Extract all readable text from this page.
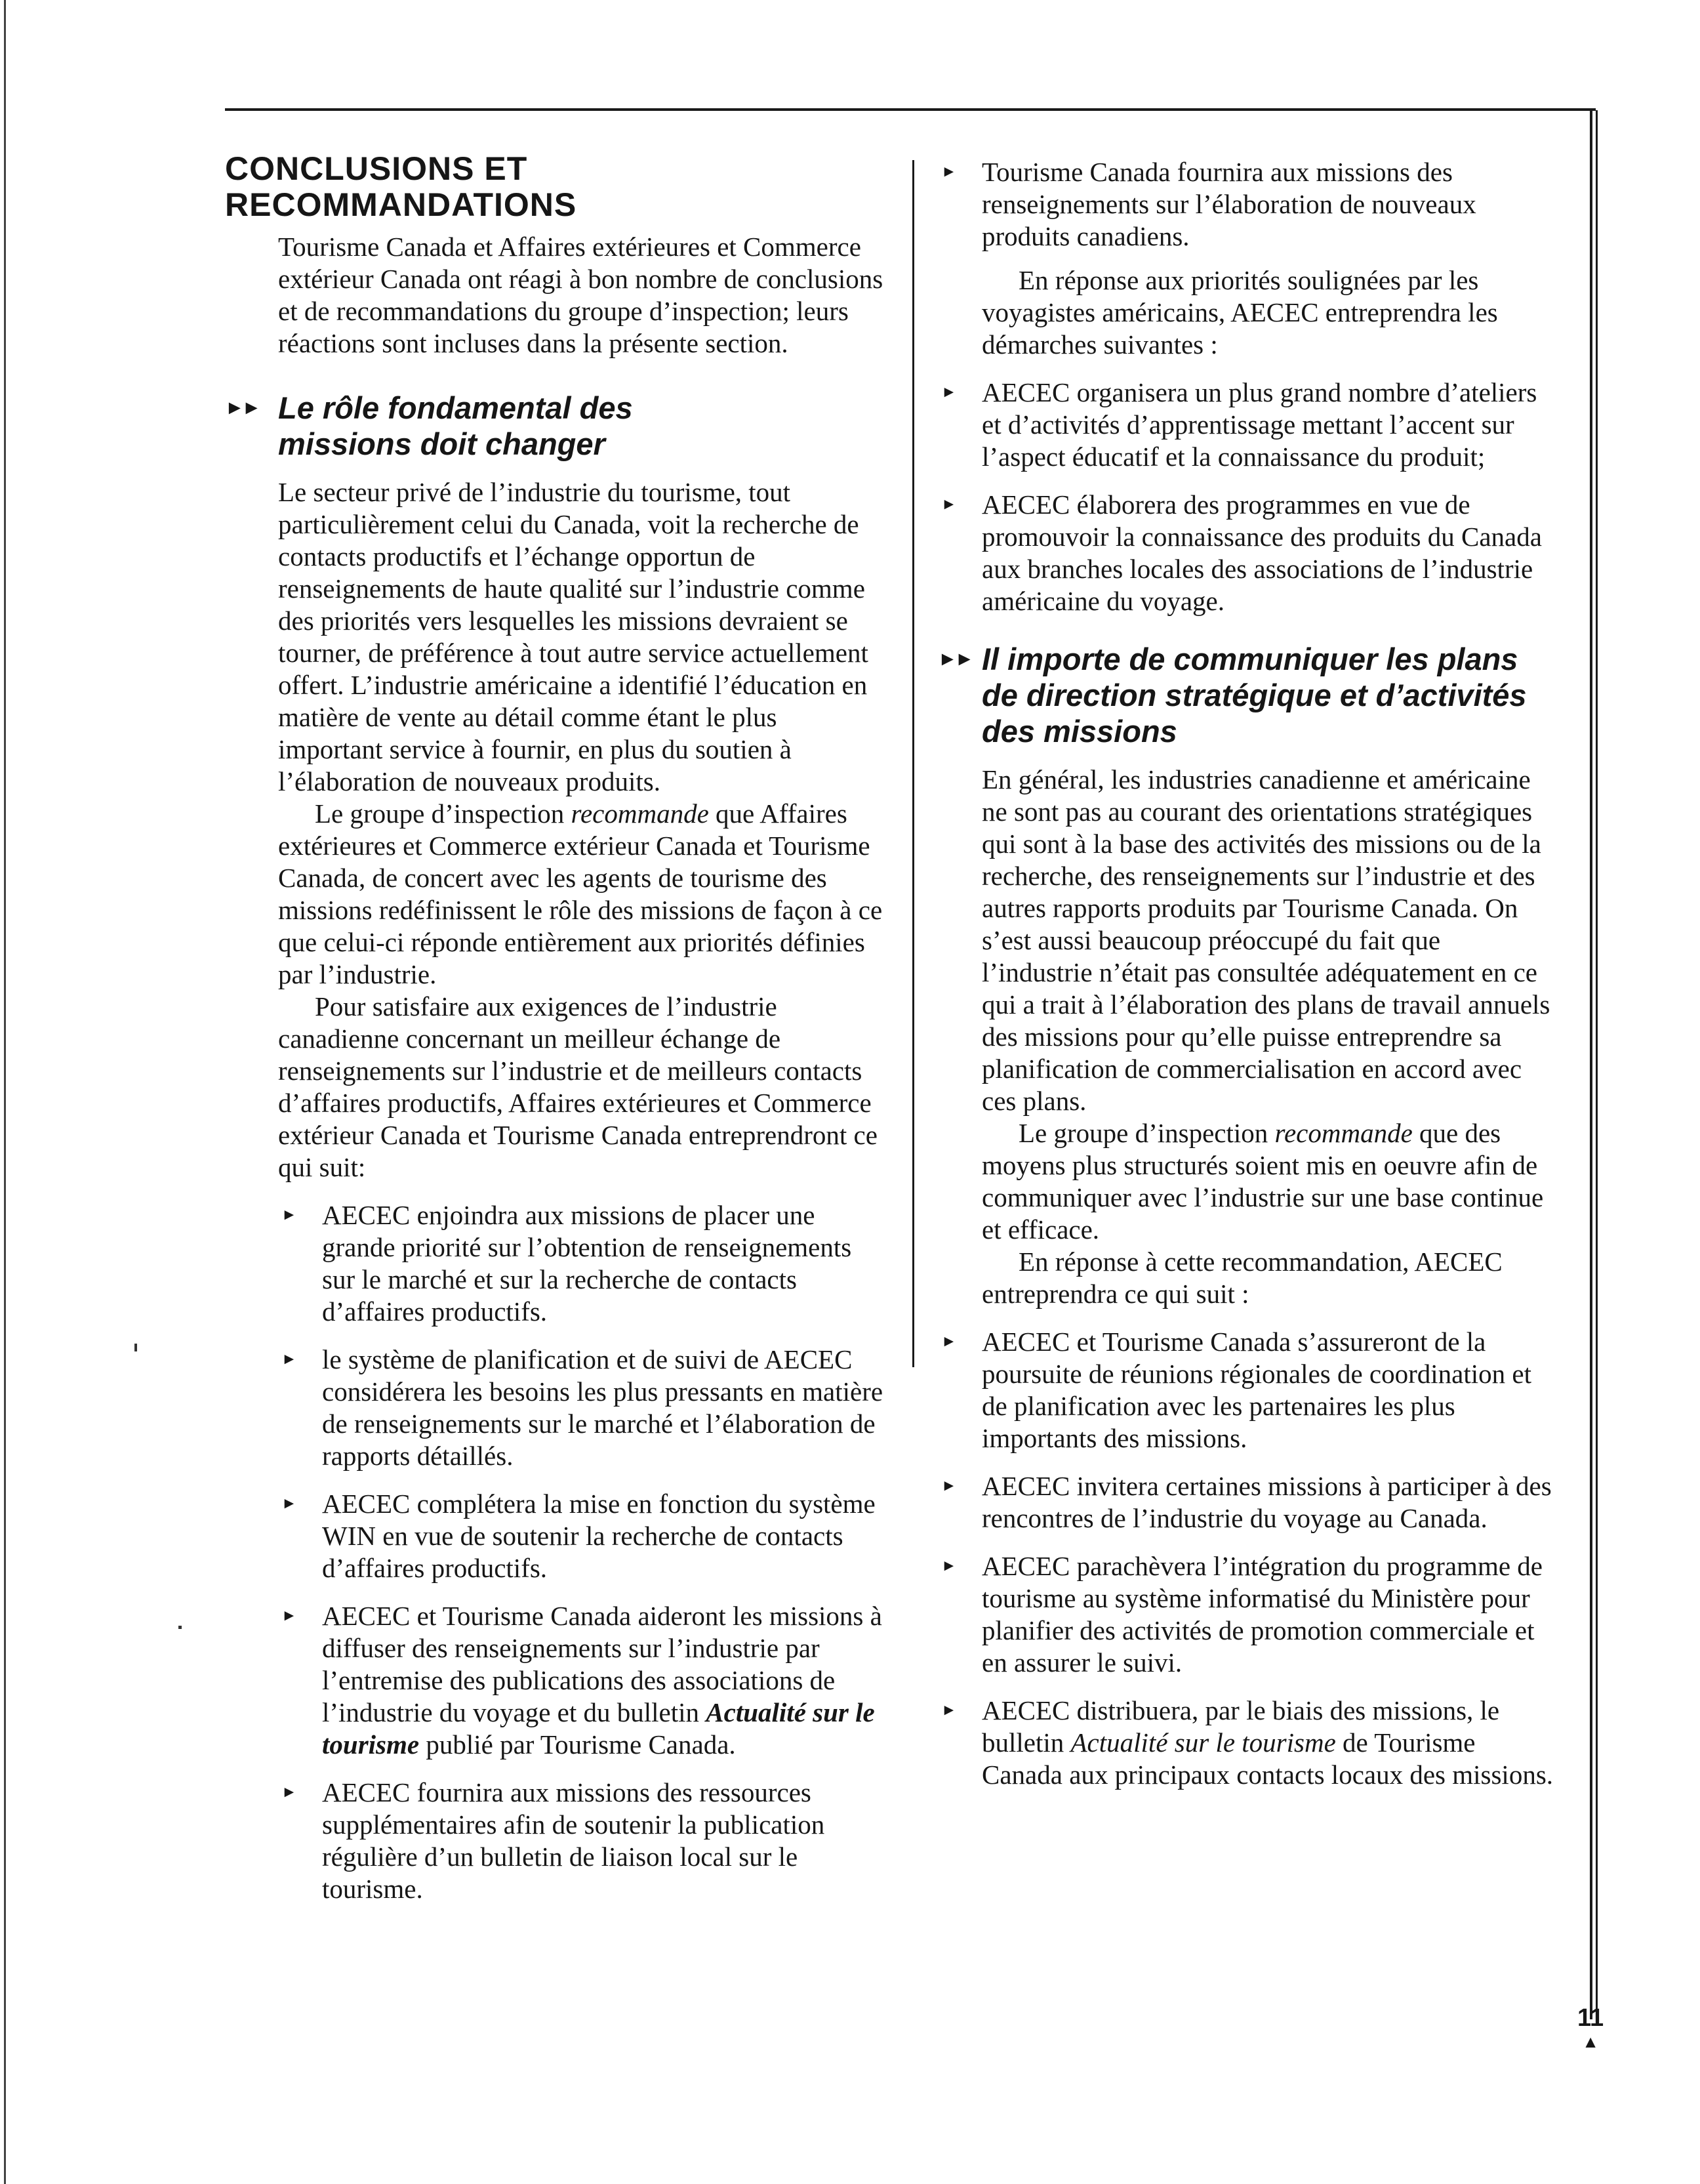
CONCLUSIONS ET RECOMMANDATIONS

Tourisme Canada et Affaires extérieures et Commerce extérieur Canada ont réagi à bon nombre de conclusions et de recommandations du groupe d’inspection; leurs réactions sont incluses dans la présente section.

►► Le rôle fondamental des
missions doit changer

Le secteur privé de l’industrie du tourisme, tout particulièrement celui du Canada, voit la recherche de contacts productifs et l’échange opportun de renseignements de haute qualité sur l’industrie comme des priorités vers lesquelles les missions devraient se tourner, de préférence à tout autre service actuellement offert. L’industrie américaine a identifié l’éducation en matière de vente au détail comme étant le plus important service à fournir, en plus du soutien à l’élaboration de nouveaux produits.

Le groupe d’inspection recommande que Affaires extérieures et Commerce extérieur Canada et Tourisme Canada, de concert avec les agents de tourisme des missions redéfinissent le rôle des missions de façon à ce que celui-ci réponde entièrement aux priorités définies par l’industrie.

Pour satisfaire aux exigences de l’industrie canadienne concernant un meilleur échange de renseignements sur l’industrie et de meilleurs contacts d’affaires productifs, Affaires extérieures et Commerce extérieur Canada et Tourisme Canada entreprendront ce qui suit:

► AECEC enjoindra aux missions de placer une grande priorité sur l’obtention de renseignements sur le marché et sur la recherche de contacts d’affaires productifs.
► le système de planification et de suivi de AECEC considérera les besoins les plus pressants en matière de renseignements sur le marché et l’élaboration de rapports détaillés.
► AECEC complétera la mise en fonction du système WIN en vue de soutenir la recherche de contacts d’affaires productifs.
► AECEC et Tourisme Canada aideront les missions à diffuser des renseignements sur l’industrie par l’entremise des publications des associations de l’industrie du voyage et du bulletin Actualité sur le tourisme publié par Tourisme Canada.
► AECEC fournira aux missions des ressources supplémentaires afin de soutenir la publication régulière d’un bulletin de liaison local sur le tourisme.
► Tourisme Canada fournira aux missions des renseignements sur l’élaboration de nouveaux produits canadiens.

En réponse aux priorités soulignées par les voyagistes américains, AECEC entreprendra les démarches suivantes :

► AECEC organisera un plus grand nombre d’ateliers et d’activités d’apprentissage mettant l’accent sur l’aspect éducatif et la connaissance du produit;
► AECEC élaborera des programmes en vue de promouvoir la connaissance des produits du Canada aux branches locales des associations de l’industrie américaine du voyage.
►► Il importe de communiquer les plans
de direction stratégique et d’activités
des missions

En général, les industries canadienne et américaine ne sont pas au courant des orientations stratégiques qui sont à la base des activités des missions ou de la recherche, des renseignements sur l’industrie et des autres rapports produits par Tourisme Canada. On s’est aussi beaucoup préoccupé du fait que l’industrie n’était pas consultée adéquatement en ce qui a trait à l’élaboration des plans de travail annuels des missions pour qu’elle puisse entreprendre sa planification de commercialisation en accord avec ces plans.

Le groupe d’inspection recommande que des moyens plus structurés soient mis en oeuvre afin de communiquer avec l’industrie sur une base continue et efficace.

En réponse à cette recommandation, AECEC entreprendra ce qui suit :

► AECEC et Tourisme Canada s’assureront de la poursuite de réunions régionales de coordination et de planification avec les partenaires les plus importants des missions.
► AECEC invitera certaines missions à participer à des rencontres de l’industrie du voyage au Canada.
► AECEC parachèvera l’intégration du programme de tourisme au système informatisé du Ministère pour planifier des activités de promotion commerciale et en assurer le suivi.
► AECEC distribuera, par le biais des missions, le bulletin Actualité sur le tourisme de Tourisme Canada aux principaux contacts locaux des missions.
11
▲
